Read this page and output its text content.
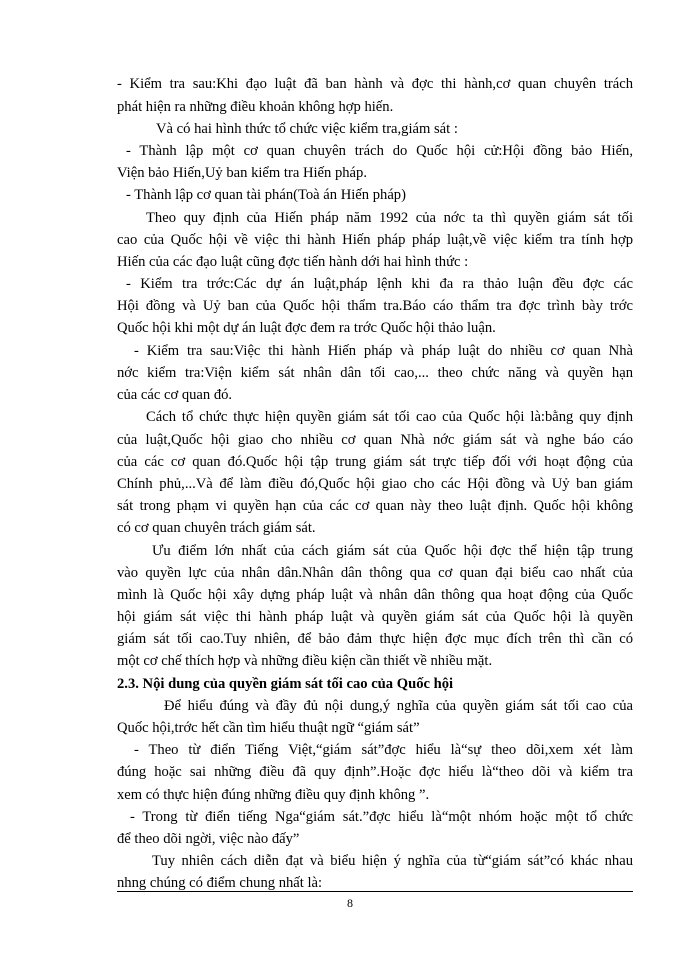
- Kiểm tra sau:Khi đạo luật đã ban hành và đợc thi hành,cơ quan chuyên trách
phát hiện ra những điều khoản không hợp hiến.
Và có hai hình thức tổ chức việc kiểm tra,giám sát :
- Thành lập một cơ quan chuyên trách do Quốc hội cử:Hội đồng bảo Hiến,
Viện bảo Hiến,Uỷ ban kiểm tra Hiến pháp.
- Thành lập cơ quan tài phán(Toà án Hiến pháp)
Theo quy định của Hiến pháp năm 1992 của nớc ta thì quyền giám sát tối
cao của Quốc hội về việc thi hành Hiến pháp pháp luật,về việc kiểm tra tính hợp
Hiến của các đạo luật cũng đợc tiến hành dới hai hình thức :
- Kiểm tra trớc:Các dự án luật,pháp lệnh khi đa ra thảo luận đều đợc các
Hội đồng và Uỷ ban của Quốc hội thẩm tra.Báo cáo thẩm tra đợc trình bày trớc
Quốc hội khi một dự án luật đợc đem ra trớc Quốc hội thảo luận.
- Kiểm tra sau:Việc thi hành Hiến pháp và pháp luật do nhiều cơ quan Nhà
nớc kiểm tra:Viện kiểm sát nhân dân tối cao,... theo chức năng và quyền hạn
của các cơ quan đó.
Cách tổ chức thực hiện quyền giám sát tối cao của Quốc hội là:bằng quy định
của luật,Quốc hội giao cho nhiều cơ quan Nhà nớc giám sát và nghe báo cáo
của các cơ quan đó.Quốc hội tập trung giám sát trực tiếp đối với hoạt động của
Chính phủ,...Và để làm điều đó,Quốc hội giao cho các Hội đồng và Uỷ ban giám
sát trong phạm vi quyền hạn của các cơ quan này theo luật định. Quốc hội không
có cơ quan chuyên trách giám sát.
Ưu điểm lớn nhất của cách giám sát của Quốc hội đợc thể hiện tập trung
vào quyền lực của nhân dân.Nhân dân thông qua cơ quan đại biểu cao nhất của
mình là Quốc hội xây dựng pháp luật và nhân dân thông qua hoạt động của Quốc
hội giám sát việc thi hành pháp luật và quyền giám sát của Quốc hội là quyền
giám sát tối cao.Tuy nhiên, để bảo đảm thực hiện đợc mục đích trên thì cần có
một cơ chế thích hợp và những điều kiện cần thiết về nhiều mặt.
2.3. Nội dung của quyền giám sát tối cao của Quốc hội
Để hiểu đúng và đầy đủ nội dung,ý nghĩa của quyền giám sát tối cao của
Quốc hội,trớc hết cần tìm hiểu thuật ngữ “giám sát”
- Theo từ điển Tiếng Việt,“giám sát”đợc hiểu là“sự theo dõi,xem xét làm
đúng hoặc sai những điều đã quy định”.Hoặc đợc hiểu là“theo dõi và kiểm tra
xem có thực hiện đúng những điều quy định không ”.
- Trong từ điển tiếng Nga“giám sát.”đợc hiểu là“một nhóm hoặc một tổ chức
để theo dõi ngời, việc nào đấy”
Tuy nhiên cách diễn đạt và biểu hiện ý nghĩa của từ“giám sát”có khác nhau
nhng chúng có điểm chung nhất là:
8
